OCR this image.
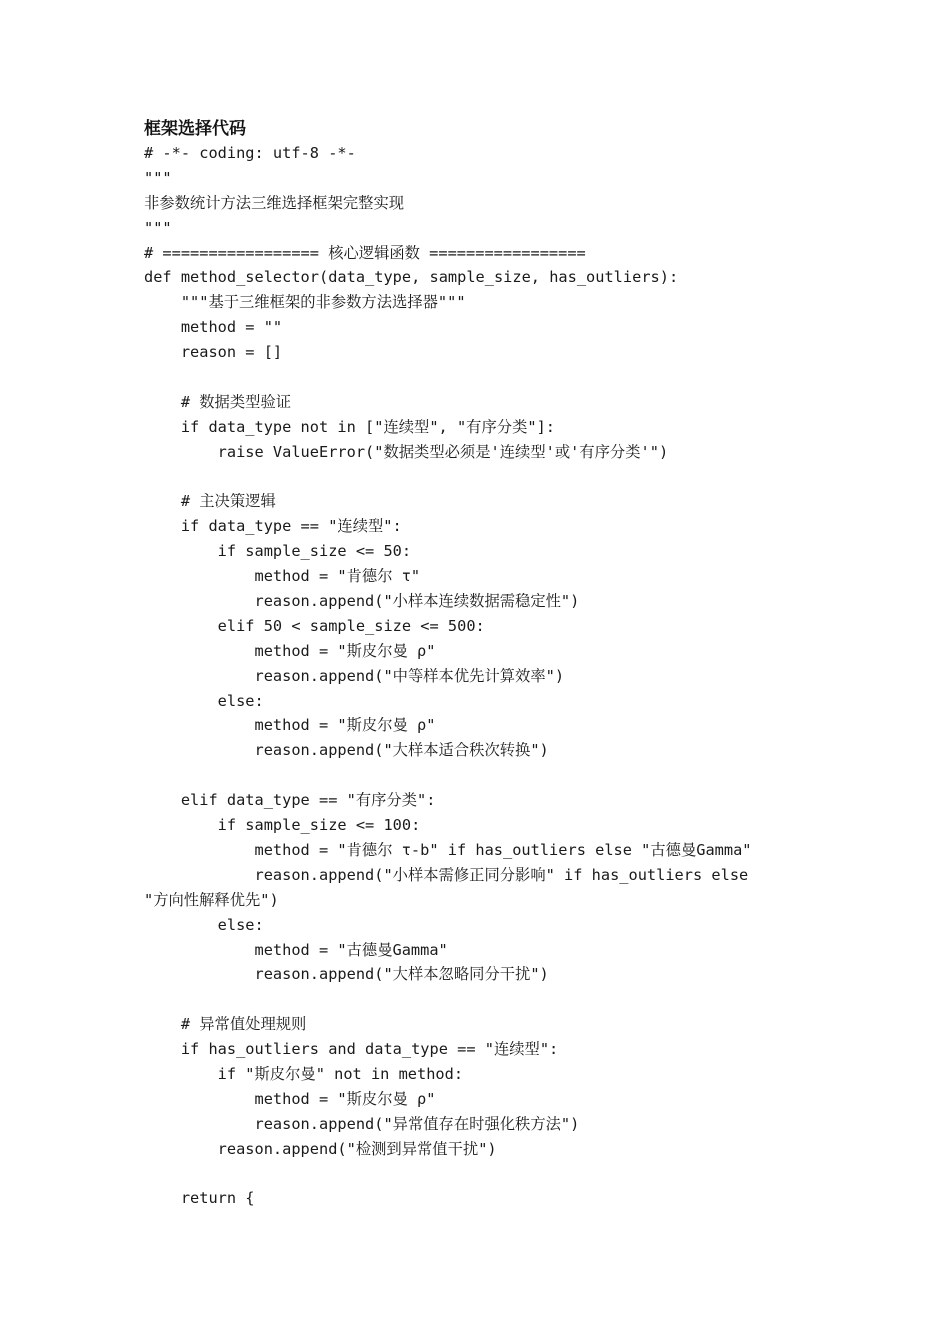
框架选择代码
# -*- coding: utf-8 -*-
"""
非参数统计方法三维选择框架完整实现
"""
# ================= 核心逻辑函数 =================
def method_selector(data_type, sample_size, has_outliers):
"""基于三维框架的非参数方法选择器"""
method = ""
reason = []
# 数据类型验证
if data_type not in ["连续型", "有序分类"]:
raise ValueError("数据类型必须是'连续型'或'有序分类'")
# 主决策逻辑
if data_type == "连续型":
if sample_size <= 50:
method = "肯德尔 τ"
reason.append("小样本连续数据需稳定性")
elif 50 < sample_size <= 500:
method = "斯皮尔曼 ρ"
reason.append("中等样本优先计算效率")
else:
method = "斯皮尔曼 ρ"
reason.append("大样本适合秩次转换")
elif data_type == "有序分类":
if sample_size <= 100:
method = "肯德尔 τ-b" if has_outliers else "古德曼Gamma"
reason.append("小样本需修正同分影响" if has_outliers else
"方向性解释优先")
else:
method = "古德曼Gamma"
reason.append("大样本忽略同分干扰")
# 异常值处理规则
if has_outliers and data_type == "连续型":
if "斯皮尔曼" not in method:
method = "斯皮尔曼 ρ"
reason.append("异常值存在时强化秩方法")
reason.append("检测到异常值干扰")
return {
